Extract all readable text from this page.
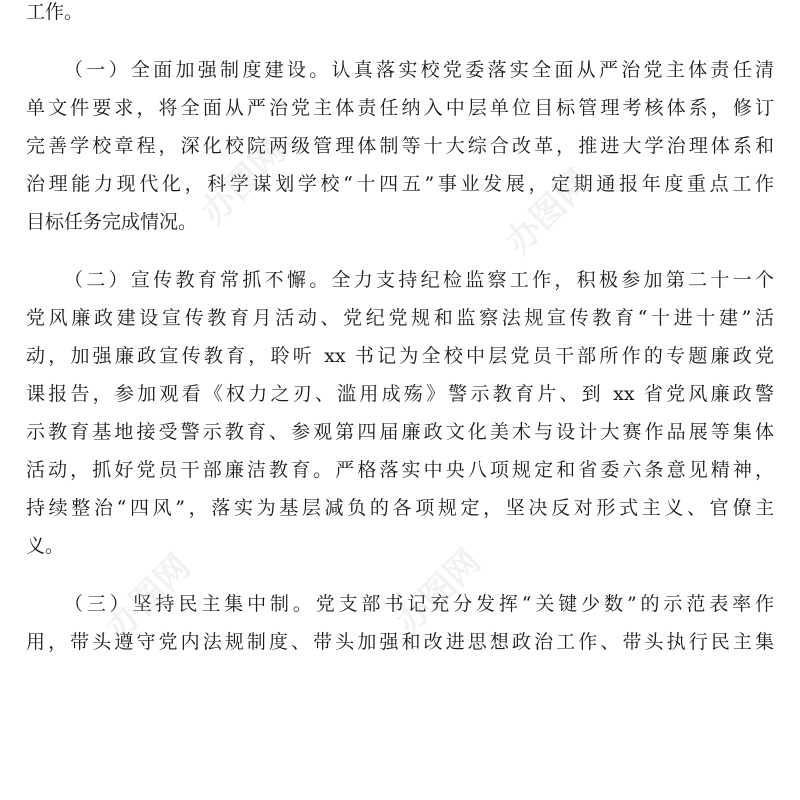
工作。
（一）全面加强制度建设。认真落实校党委落实全面从严治党主体责任清
单文件要求，将全面从严治党主体责任纳入中层单位目标管理考核体系，修订
完善学校章程，深化校院两级管理体制等十大综合改革，推进大学治理体系和
治理能力现代化，科学谋划学校“十四五”事业发展，定期通报年度重点工作
目标任务完成情况。
（二）宣传教育常抓不懈。全力支持纪检监察工作，积极参加第二十一个
党风廉政建设宣传教育月活动、党纪党规和监察法规宣传教育“十进十建”活
动，加强廉政宣传教育，聆听 xx 书记为全校中层党员干部所作的专题廉政党
课报告，参加观看《权力之刃、滥用成殇》警示教育片、到 xx 省党风廉政警
示教育基地接受警示教育、参观第四届廉政文化美术与设计大赛作品展等集体
活动，抓好党员干部廉洁教育。严格落实中央八项规定和省委六条意见精神，
持续整治“四风”，落实为基层减负的各项规定，坚决反对形式主义、官僚主
义。
（三）坚持民主集中制。党支部书记充分发挥“关键少数”的示范表率作
用，带头遵守党内法规制度、带头加强和改进思想政治工作、带头执行民主集
办图网	办图网
办图网	办图网
